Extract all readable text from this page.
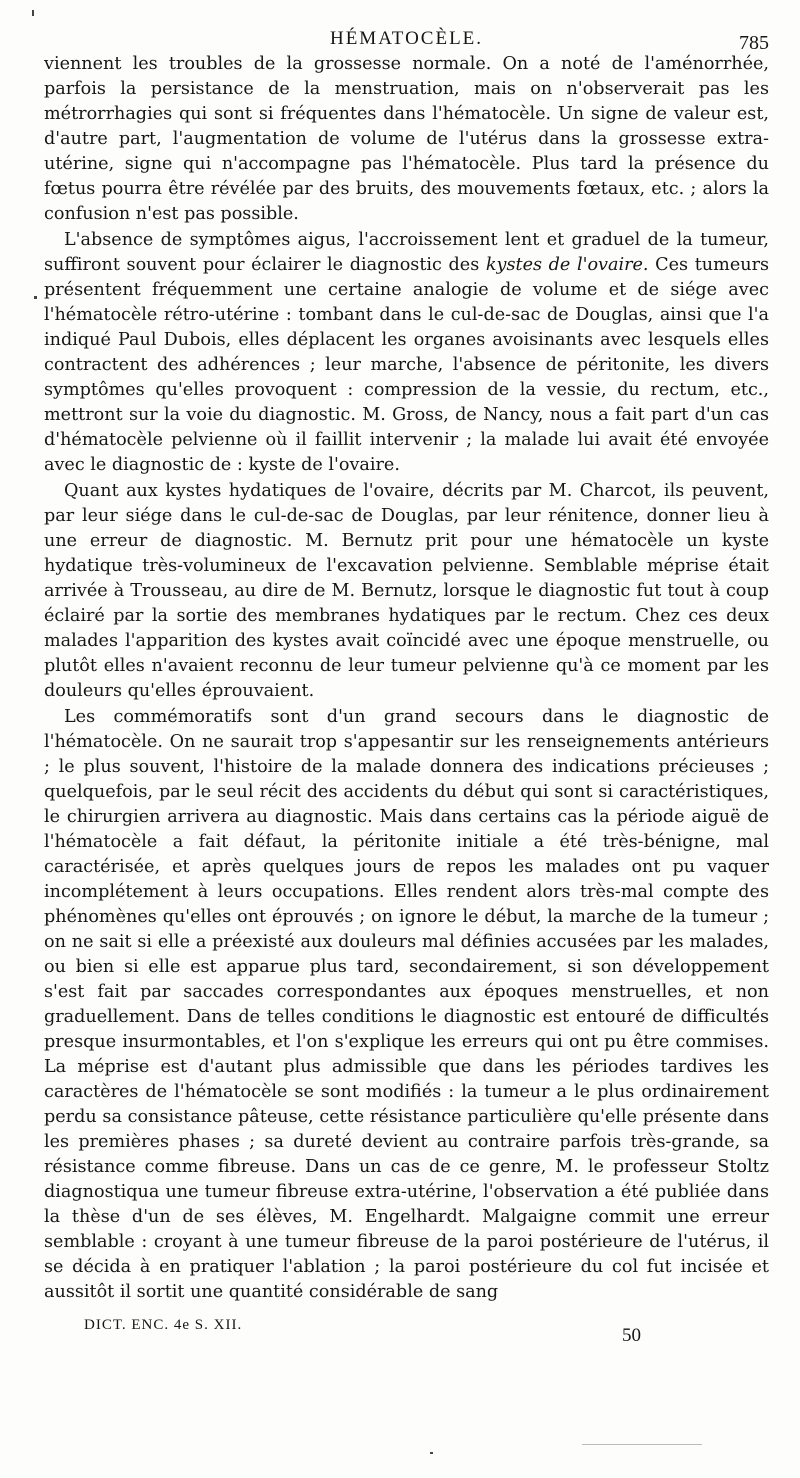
HÉMATOCÈLE.	785

viennent les troubles de la grossesse normale. On a noté de l'aménorrhée, parfois la persistance de la menstruation, mais on n'observerait pas les métrorrhagies qui sont si fréquentes dans l'hématocèle. Un signe de valeur est, d'autre part, l'augmentation de volume de l'utérus dans la grossesse extra-utérine, signe qui n'accompagne pas l'hématocèle. Plus tard la présence du fœtus pourra être révélée par des bruits, des mouvements fœtaux, etc. ; alors la confusion n'est pas possible.

L'absence de symptômes aigus, l'accroissement lent et graduel de la tumeur, suffiront souvent pour éclairer le diagnostic des kystes de l'ovaire. Ces tumeurs présentent fréquemment une certaine analogie de volume et de siége avec l'hématocèle rétro-utérine : tombant dans le cul-de-sac de Douglas, ainsi que l'a indiqué Paul Dubois, elles déplacent les organes avoisinants avec lesquels elles contractent des adhérences ; leur marche, l'absence de péritonite, les divers symptômes qu'elles provoquent : compression de la vessie, du rectum, etc., mettront sur la voie du diagnostic. M. Gross, de Nancy, nous a fait part d'un cas d'hématocèle pelvienne où il faillit intervenir ; la malade lui avait été envoyée avec le diagnostic de : kyste de l'ovaire.

Quant aux kystes hydatiques de l'ovaire, décrits par M. Charcot, ils peuvent, par leur siége dans le cul-de-sac de Douglas, par leur rénitence, donner lieu à une erreur de diagnostic. M. Bernutz prit pour une hématocèle un kyste hydatique très-volumineux de l'excavation pelvienne. Semblable méprise était arrivée à Trousseau, au dire de M. Bernutz, lorsque le diagnostic fut tout à coup éclairé par la sortie des membranes hydatiques par le rectum. Chez ces deux malades l'apparition des kystes avait coïncidé avec une époque menstruelle, ou plutôt elles n'avaient reconnu de leur tumeur pelvienne qu'à ce moment par les douleurs qu'elles éprouvaient.

Les commémoratifs sont d'un grand secours dans le diagnostic de l'hématocèle. On ne saurait trop s'appesantir sur les renseignements antérieurs ; le plus souvent, l'histoire de la malade donnera des indications précieuses ; quelquefois, par le seul récit des accidents du début qui sont si caractéristiques, le chirurgien arrivera au diagnostic. Mais dans certains cas la période aiguë de l'hématocèle a fait défaut, la péritonite initiale a été très-bénigne, mal caractérisée, et après quelques jours de repos les malades ont pu vaquer incomplétement à leurs occupations. Elles rendent alors très-mal compte des phénomènes qu'elles ont éprouvés ; on ignore le début, la marche de la tumeur ; on ne sait si elle a préexisté aux douleurs mal définies accusées par les malades, ou bien si elle est apparue plus tard, secondairement, si son développement s'est fait par saccades correspondantes aux époques menstruelles, et non graduellement. Dans de telles conditions le diagnostic est entouré de difficultés presque insurmontables, et l'on s'explique les erreurs qui ont pu être commises. La méprise est d'autant plus admissible que dans les périodes tardives les caractères de l'hématocèle se sont modifiés : la tumeur a le plus ordinairement perdu sa consistance pâteuse, cette résistance particulière qu'elle présente dans les premières phases ; sa dureté devient au contraire parfois très-grande, sa résistance comme fibreuse. Dans un cas de ce genre, M. le professeur Stoltz diagnostiqua une tumeur fibreuse extra-utérine, l'observation a été publiée dans la thèse d'un de ses élèves, M. Engelhardt. Malgaigne commit une erreur semblable : croyant à une tumeur fibreuse de la paroi postérieure de l'utérus, il se décida à en pratiquer l'ablation ; la paroi postérieure du col fut incisée et aussitôt il sortit une quantité considérable de sang

DICT. ENC. 4e S. XII.	50
